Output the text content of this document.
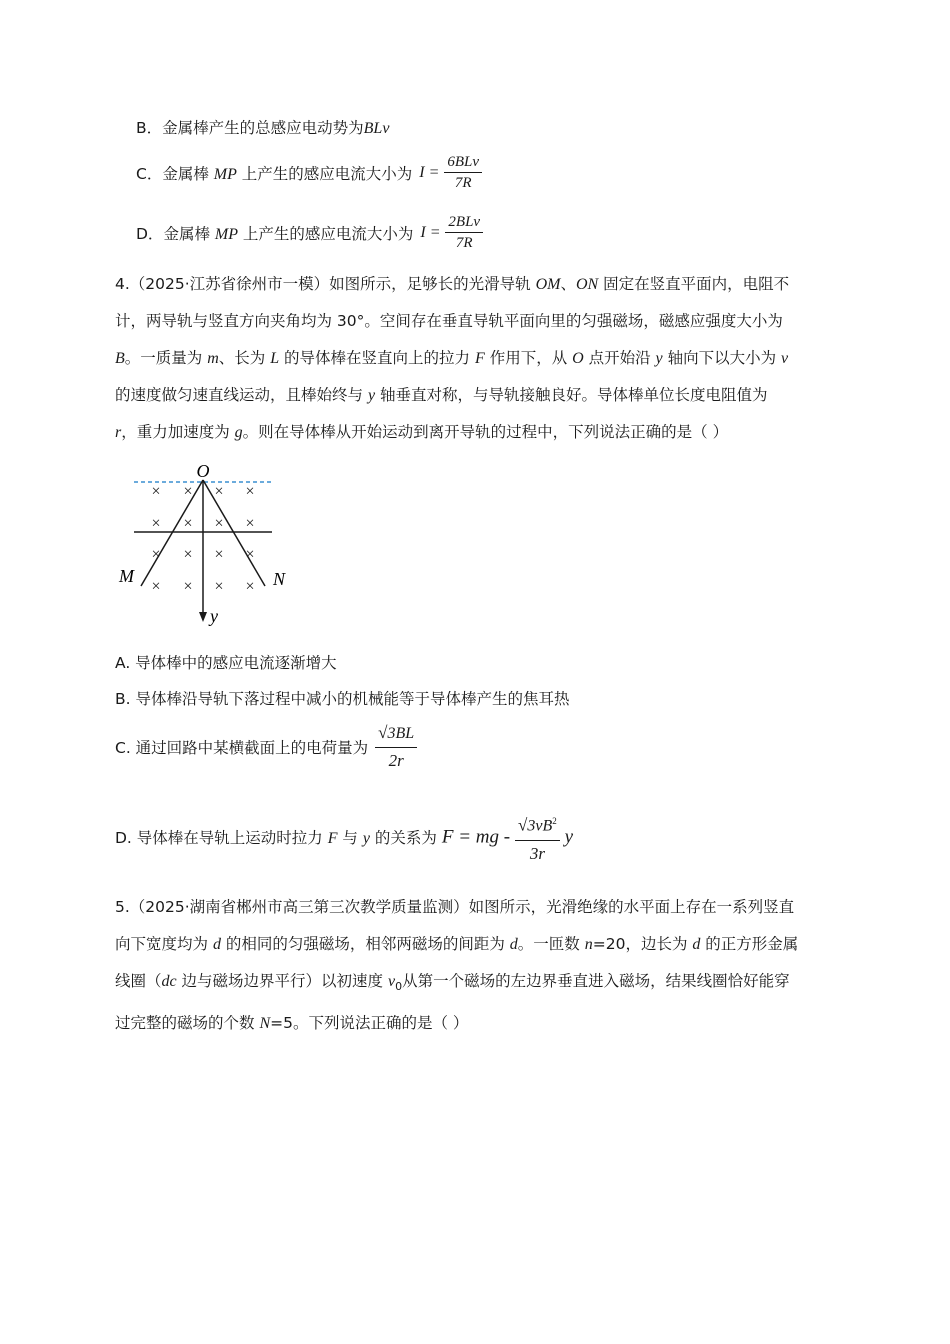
B．金属棒产生的总感应电动势为BLv
C．金属棒 MP 上产生的感应电流大小为 $I = \frac{\text{6BLv}}{7R}$
D．金属棒 MP 上产生的感应电流大小为 $I = \frac{\text{2BLv}}{7R}$
4.（2025·江苏省徐州市一模）如图所示，足够长的光滑导轨 OM、ON 固定在竖直平面内，电阻不
计，两导轨与竖直方向夹角均为 30°。空间存在垂直导轨平面向里的匀强磁场，磁感应强度大小为
B。一质量为 m、长为 L 的导体棒在竖直向上的拉力 F 作用下，从 O 点开始沿 y 轴向下以大小为 v
的速度做匀速直线运动，且棒始终与 y 轴垂直对称，与导轨接触良好。导体棒单位长度电阻值为
r，重力加速度为 g。则在导体棒从开始运动到离开导轨的过程中，下列说法正确的是（ ）
× × × ×
× × × ×
× × × ×
× × × ×
O
M	N
y
A. 导体棒中的感应电流逐渐增大
B. 导体棒沿导轨下落过程中减小的机械能等于导体棒产生的焦耳热
C. 通过回路中某横截面上的电荷量为 $\frac{√3BL}{2r}$
D. 导体棒在导轨上运动时拉力 F 与 y 的关系为 F = mg - $\frac{√3vB^2}{3r}$ y
5.（2025·湖南省郴州市高三第三次教学质量监测）如图所示，光滑绝缘的水平面上存在一系列竖直
向下宽度均为 d 的相同的匀强磁场，相邻两磁场的间距为 d。一匝数 n=20，边长为 d 的正方形金属
线圈（dc 边与磁场边界平行）以初速度 $v_0$从第一个磁场的左边界垂直进入磁场，结果线圈恰好能穿
过完整的磁场的个数 N=5。下列说法正确的是（ ）
